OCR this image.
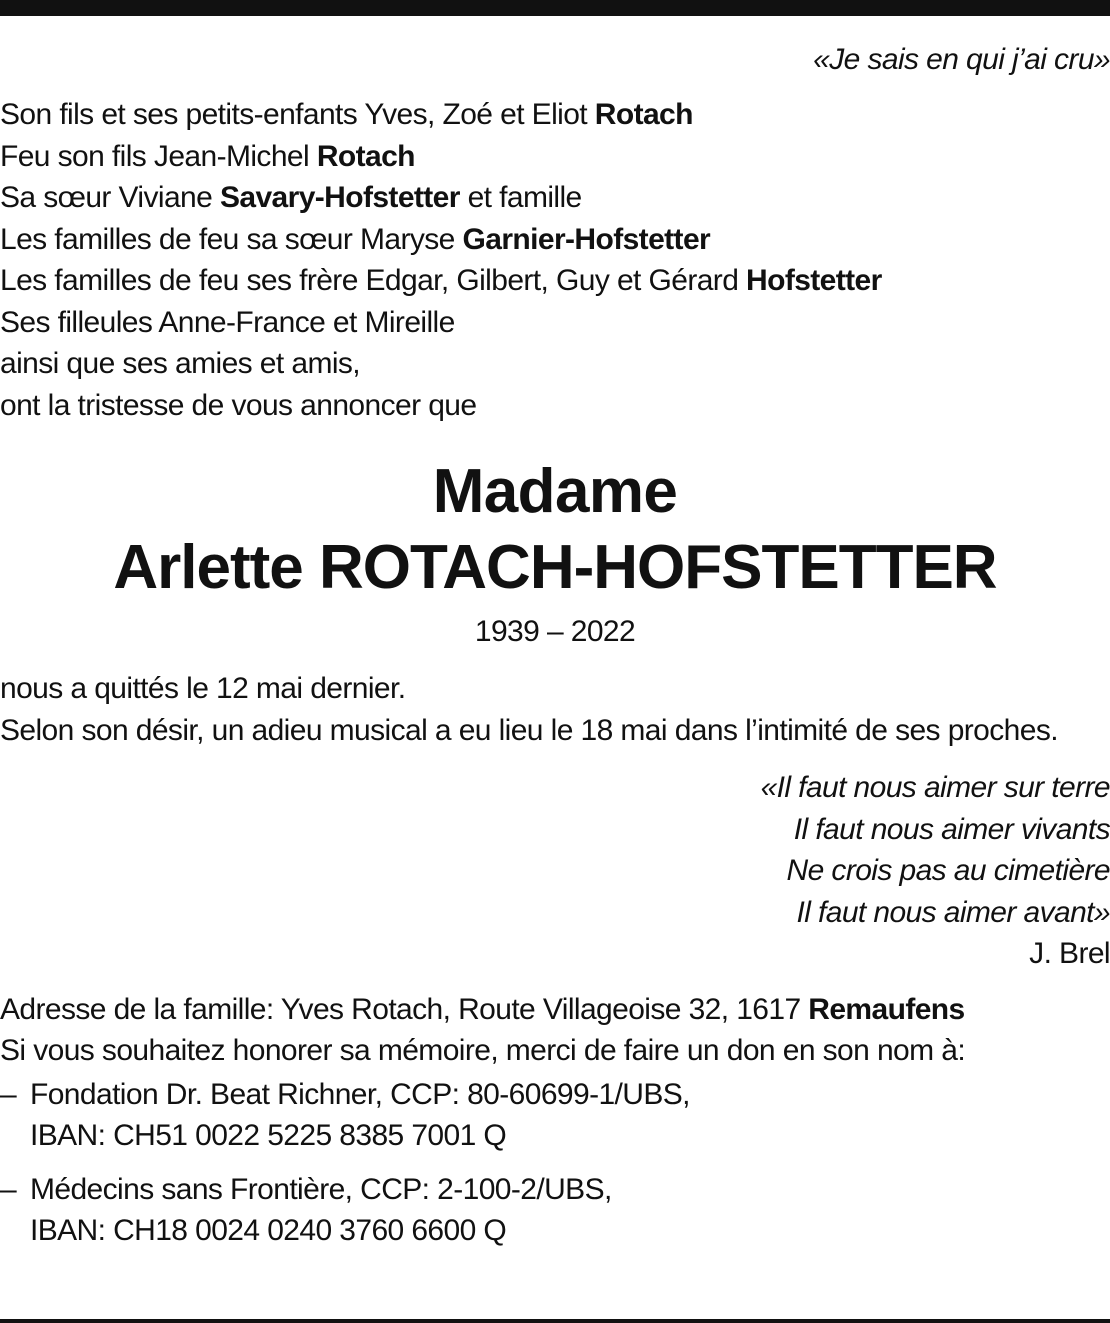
«Je sais en qui j’ai cru»
Son fils et ses petits-enfants Yves, Zoé et Eliot Rotach
Feu son fils Jean-Michel Rotach
Sa sœur Viviane Savary-Hofstetter et famille
Les familles de feu sa sœur Maryse Garnier-Hofstetter
Les familles de feu ses frère Edgar, Gilbert, Guy et Gérard Hofstetter
Ses filleules Anne-France et Mireille
ainsi que ses amies et amis,
ont la tristesse de vous annoncer que
Madame
Arlette ROTACH-HOFSTETTER
1939 – 2022
nous a quittés le 12 mai dernier.
Selon son désir, un adieu musical a eu lieu le 18 mai dans l’intimité de ses proches.
«Il faut nous aimer sur terre
Il faut nous aimer vivants
Ne crois pas au cimetière
Il faut nous aimer avant»
J. Brel
Adresse de la famille: Yves Rotach, Route Villageoise 32, 1617 Remaufens
Si vous souhaitez honorer sa mémoire, merci de faire un don en son nom à:
– Fondation Dr. Beat Richner, CCP: 80-60699-1/UBS,
IBAN: CH51 0022 5225 8385 7001 Q
– Médecins sans Frontière, CCP: 2-100-2/UBS,
IBAN: CH18 0024 0240 3760 6600 Q
